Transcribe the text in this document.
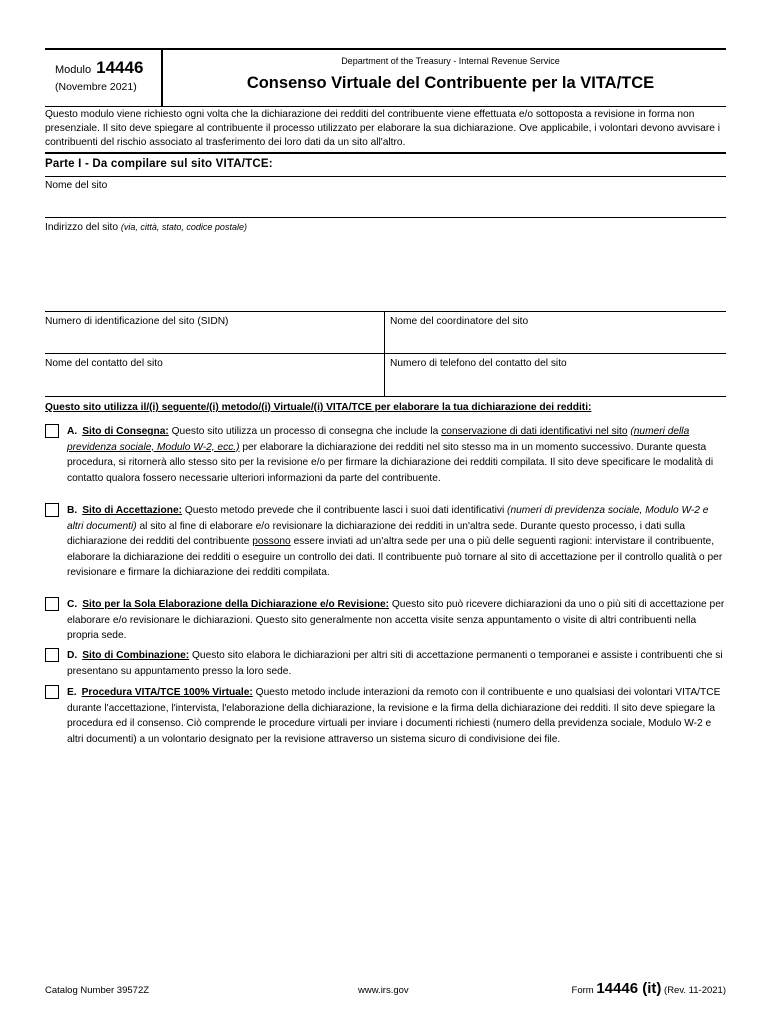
Modulo 14446
(Novembre 2021)
Department of the Treasury - Internal Revenue Service
Consenso Virtuale del Contribuente per la VITA/TCE
Questo modulo viene richiesto ogni volta che la dichiarazione dei redditi del contribuente viene effettuata e/o sottoposta a revisione in forma non presenziale. Il sito deve spiegare al contribuente il processo utilizzato per elaborare la sua dichiarazione. Ove applicabile, i volontari devono avvisare i contribuenti del rischio associato al trasferimento dei loro dati da un sito all'altro.
Parte I - Da compilare sul sito VITA/TCE:
Nome del sito
Indirizzo del sito (via, città, stato, codice postale)
Numero di identificazione del sito (SIDN)	Nome del coordinatore del sito
Nome del contatto del sito	Numero di telefono del contatto del sito
Questo sito utilizza il/(i) seguente/(i) metodo/(i) Virtuale/(i) VITA/TCE per elaborare la tua dichiarazione dei redditi:
A. Sito di Consegna: Questo sito utilizza un processo di consegna che include la conservazione di dati identificativi nel sito (numeri della previdenza sociale, Modulo W-2, ecc.) per elaborare la dichiarazione dei redditi nel sito stesso ma in un momento successivo. Durante questa procedura, si ritornerà allo stesso sito per la revisione e/o per firmare la dichiarazione dei redditi compilata. Il sito deve specificare le modalità di contatto qualora fossero necessarie ulteriori informazioni da parte del contribuente.
B. Sito di Accettazione: Questo metodo prevede che il contribuente lasci i suoi dati identificativi (numeri di previdenza sociale, Modulo W-2 e altri documenti) al sito al fine di elaborare e/o revisionare la dichiarazione dei redditi in un'altra sede. Durante questo processo, i dati sulla dichiarazione dei redditi del contribuente possono essere inviati ad un'altra sede per una o più delle seguenti ragioni: intervistare il contribuente, elaborare la dichiarazione dei redditi o eseguire un controllo dei dati. Il contribuente può tornare al sito di accettazione per il controllo qualità o per revisionare e firmare la dichiarazione dei redditi compilata.
C. Sito per la Sola Elaborazione della Dichiarazione e/o Revisione: Questo sito può ricevere dichiarazioni da uno o più siti di accettazione per elaborare e/o revisionare le dichiarazioni. Questo sito generalmente non accetta visite senza appuntamento o visite di altri contribuenti nella propria sede.
D. Sito di Combinazione: Questo sito elabora le dichiarazioni per altri siti di accettazione permanenti o temporanei e assiste i contribuenti che si presentano su appuntamento presso la loro sede.
E. Procedura VITA/TCE 100% Virtuale: Questo metodo include interazioni da remoto con il contribuente e uno qualsiasi dei volontari VITA/TCE durante l'accettazione, l'intervista, l'elaborazione della dichiarazione, la revisione e la firma della dichiarazione dei redditi. Il sito deve spiegare la procedura ed il consenso. Ciò comprende le procedure virtuali per inviare i documenti richiesti (numero della previdenza sociale, Modulo W-2 e altri documenti) a un volontario designato per la revisione attraverso un sistema sicuro di condivisione dei file.
Catalog Number 39572Z	www.irs.gov	Form 14446 (it) (Rev. 11-2021)
